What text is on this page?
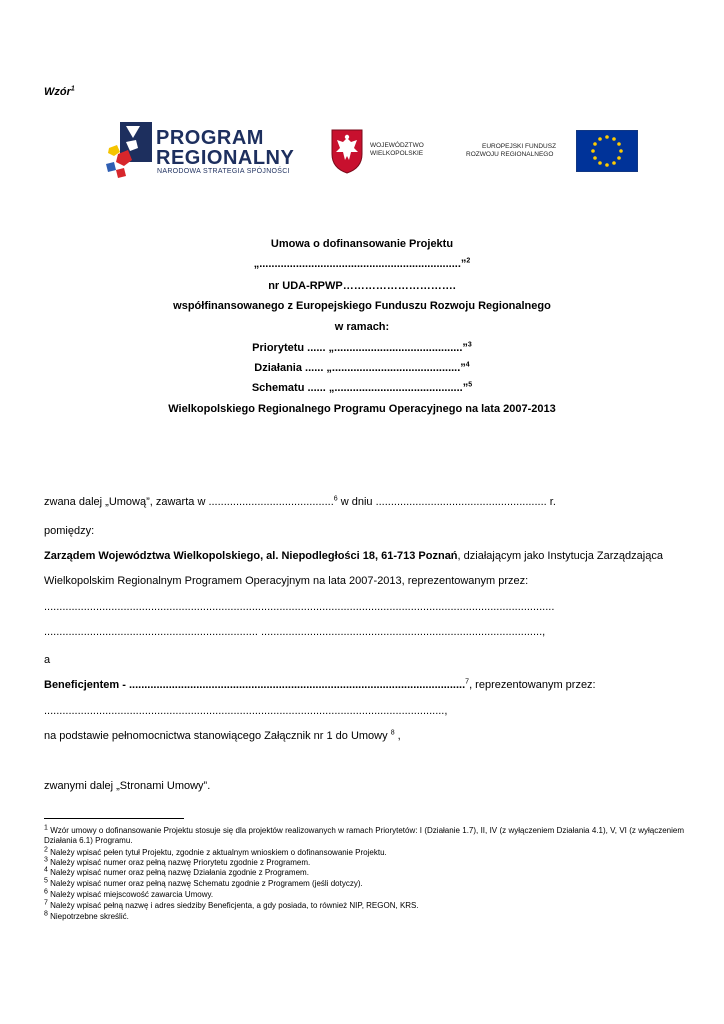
Wzór$^1$
PROGRAM
REGIONALNY
NARODOWA STRATEGIA SPÓJNOŚCI
WOJEWÓDZTWO
WIELKOPOLSKIE
EUROPEJSKI FUNDUSZ
ROZWOJU REGIONALNEGO
Umowa o dofinansowanie Projektu
„..................................................................”$^2$
nr UDA-RPWP………………………….
współfinansowanego z Europejskiego Funduszu Rozwoju Regionalnego
w ramach:
Priorytetu ...... „..........................................”$^3$
Działania ...... „..........................................”$^4$
Schematu ...... „..........................................”$^5$
Wielkopolskiego Regionalnego Programu Operacyjnego na lata 2007-2013
zwana dalej „Umową”, zawarta w .........................................$^6$ w dniu ........................................................ r.
pomiędzy:
Zarządem Województwa Wielkopolskiego, al. Niepodległości 18, 61-713 Poznań, działającym jako Instytucja Zarządzająca
Wielkopolskim Regionalnym Programem Operacyjnym na lata 2007-2013, reprezentowanym przez:
.......................................................................................................................................................................
...................................................................... ............................................................................................,
a
Beneficjentem - ..............................................................................................................$^7$, reprezentowanym przez:
...................................................................................................................................,
na podstawie pełnomocnictwa stanowiącego Załącznik nr 1 do Umowy $^8$ ,
zwanymi dalej „Stronami Umowy”.
$^1$ Wzór umowy o dofinansowanie Projektu stosuje się dla projektów realizowanych w ramach Priorytetów: I (Działanie 1.7), II, IV (z wyłączeniem Działania 4.1), V, VI (z wyłączeniem Działania 6.1) Programu.
$^2$ Należy wpisać pełen tytuł Projektu, zgodnie z aktualnym wnioskiem o dofinansowanie Projektu.
$^3$ Należy wpisać numer oraz pełną nazwę Priorytetu zgodnie z Programem.
$^4$ Należy wpisać numer oraz pełną nazwę Działania zgodnie z Programem.
$^5$ Należy wpisać numer oraz pełną nazwę Schematu zgodnie z Programem (jeśli dotyczy).
$^6$ Należy wpisać miejscowość zawarcia Umowy.
$^7$ Należy wpisać pełną nazwę i adres siedziby Beneficjenta, a gdy posiada, to również NIP, REGON, KRS.
$^8$ Niepotrzebne skreślić.
